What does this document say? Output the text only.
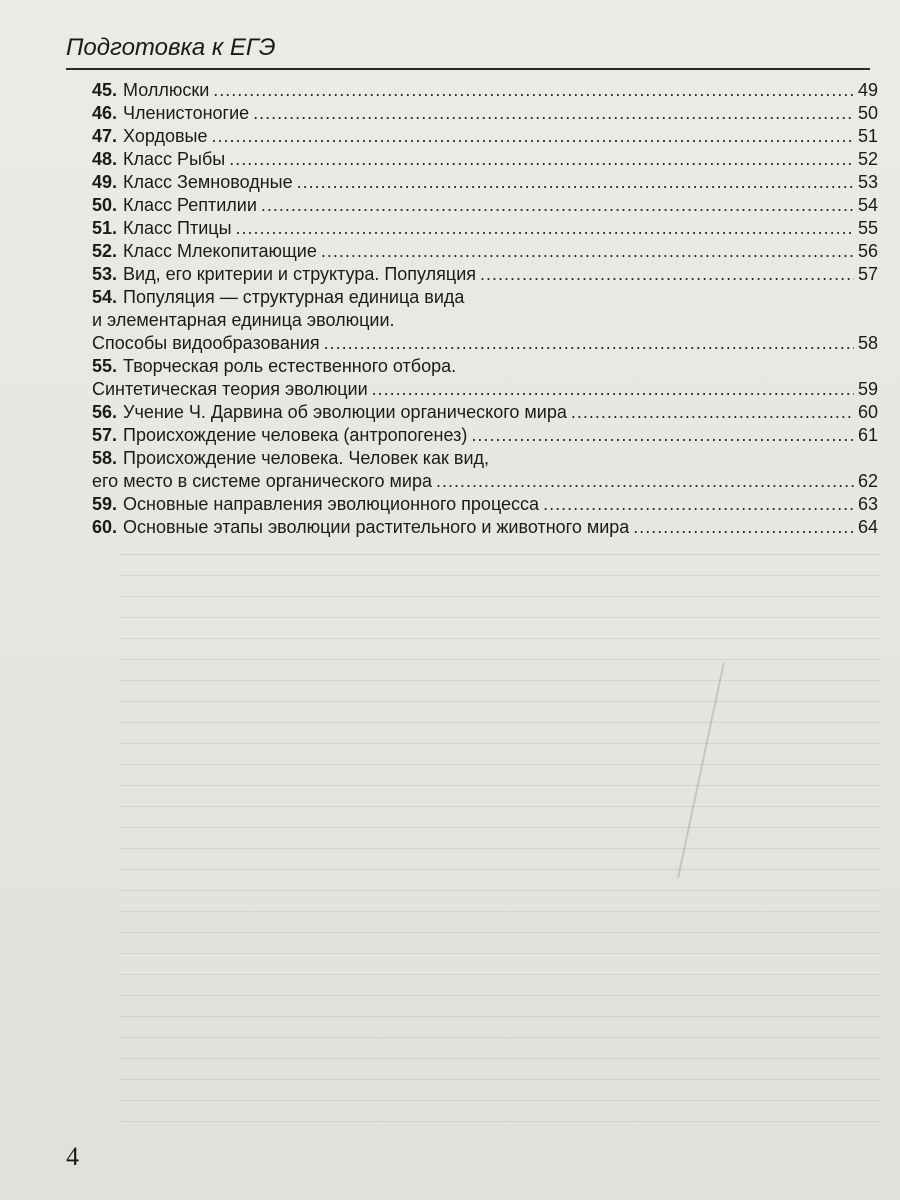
Подготовка к ЕГЭ
45. Моллюски .....	49
46. Членистоногие .....	50
47. Хордовые .....	51
48. Класс Рыбы .....	52
49. Класс Земноводные .....	53
50. Класс Рептилии .....	54
51. Класс Птицы .....	55
52. Класс Млекопитающие .....	56
53. Вид, его критерии и структура. Популяция .....	57
54. Популяция — структурная единица вида
и элементарная единица эволюции.
Способы видообразования .....	58
55. Творческая роль естественного отбора.
Синтетическая теория эволюции .....	59
56. Учение Ч. Дарвина об эволюции органического мира .....	60
57. Происхождение человека (антропогенез) .....	61
58. Происхождение человека. Человек как вид,
его место в системе органического мира .....	62
59. Основные направления эволюционного процесса .....	63
60. Основные этапы эволюции растительного и животного мира .....	64
4
